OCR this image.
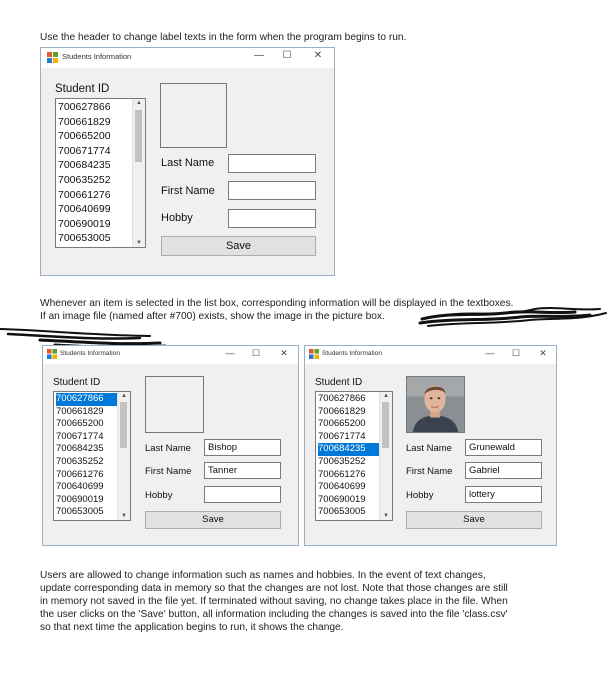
Use the header to change label texts in the form when the program begins to run.
Students Information	— ☐ ✕
Student ID
700627866
700661829
700665200
700671774
700684235
700635252
700661276
700640699
700690019
700653005
▲
▼
Last Name
First Name
Hobby
Save
Whenever an item is selected in the list box, corresponding information will be displayed in the textboxes.
If an image file (named after #700) exists, show the image in the picture box.
Students Information	—	☐	✕
Student ID
700627866
700661829
700665200
700671774
700684235
700635252
700661276
700640699
700690019
700653005
▲
▼
Last Name	Bishop
First Name	Tanner
Hobby
Save
Students Information	—	☐	✕
Student ID
700627866
700661829
700665200
700671774
700684235
700635252
700661276
700640699
700690019
700653005
▲
▼
Last Name	Grunewald
First Name	Gabriel
Hobby	lottery
Save
Users are allowed to change information such as names and hobbies. In the event of text changes,
update corresponding data in memory so that the changes are not lost. Note that those changes are still
in memory not saved in the file yet. If terminated without saving, no change takes place in the file. When
the user clicks on the 'Save' button, all information including the changes is saved into the file 'class.csv'
so that next time the application begins to run, it shows the change.
